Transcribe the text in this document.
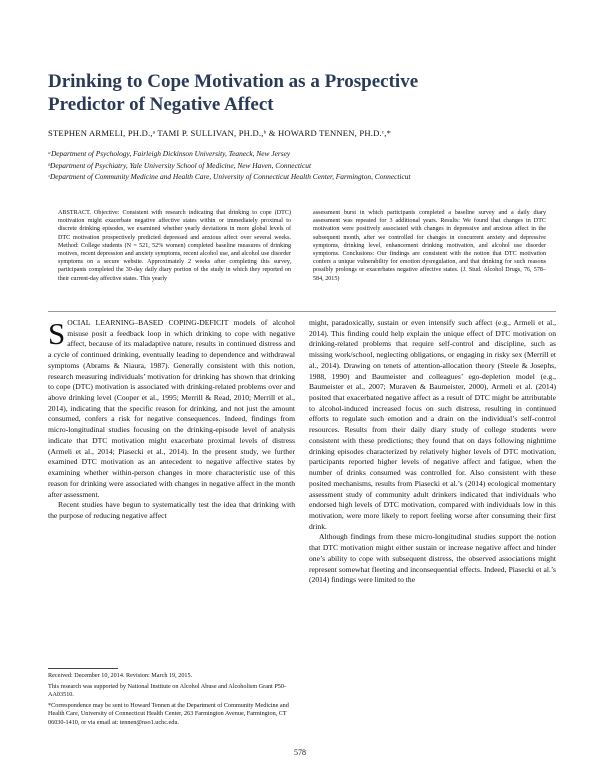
Drinking to Cope Motivation as a Prospective Predictor of Negative Affect
STEPHEN ARMELI, PH.D.,ᵃ TAMI P. SULLIVAN, PH.D.,ᵇ & HOWARD TENNEN, PH.D.ᶜ,*
ᵃDepartment of Psychology, Fairleigh Dickinson University, Teaneck, New Jersey
ᵇDepartment of Psychiatry, Yale University School of Medicine, New Haven, Connecticut
ᶜDepartment of Community Medicine and Health Care, University of Connecticut Health Center, Farmington, Connecticut

ABSTRACT. Objective: Consistent with research indicating that drinking to cope (DTC) motivation might exacerbate negative affective states within or immediately proximal to discrete drinking episodes, we examined whether yearly deviations in more global levels of DTC motivation prospectively predicted depressed and anxious affect over several weeks. Method: College students (N = 521, 52% women) completed baseline measures of drinking motives, recent depression and anxiety symptoms, recent alcohol use, and alcohol use disorder symptoms on a secure website. Approximately 2 weeks after completing this survey, participants completed the 30-day daily diary portion of the study in which they reported on their current-day affective states. This yearly

assessment burst in which participants completed a baseline survey and a daily diary assessment was repeated for 3 additional years. Results: We found that changes in DTC motivation were positively associated with changes in depressive and anxious affect in the subsequent month, after we controlled for changes in concurrent anxiety and depressive symptoms, drinking level, enhancement drinking motivation, and alcohol use disorder symptoms. Conclusions: Our findings are consistent with the notion that DTC motivation confers a unique vulnerability for emotion dysregulation, and that drinking for such reasons possibly prolongs or exacerbates negative affective states. (J. Stud. Alcohol Drugs, 76, 578–584, 2015)

SOCIAL LEARNING–BASED COPING-DEFICIT models of alcohol misuse posit a feedback loop in which drinking to cope with negative affect, because of its maladaptive nature, results in continued distress and a cycle of continued drinking, eventually leading to dependence and withdrawal symptoms (Abrams & Niaura, 1987). Generally consistent with this notion, research measuring individuals’ motivation for drinking has shown that drinking to cope (DTC) motivation is associated with drinking-related problems over and above drinking level (Cooper et al., 1995; Merrill & Read, 2010; Merrill et al., 2014), indicating that the specific reason for drinking, and not just the amount consumed, confers a risk for negative consequences. Indeed, findings from micro-longitudinal studies focusing on the drinking-episode level of analysis indicate that DTC motivation might exacerbate proximal levels of distress (Armeli et al., 2014; Piasecki et al., 2014). In the present study, we further examined DTC motivation as an antecedent to negative affective states by examining whether within-person changes in more characteristic use of this reason for drinking were associated with changes in negative affect in the month after assessment.

Recent studies have begun to systematically test the idea that drinking with the purpose of reducing negative affect

might, paradoxically, sustain or even intensify such affect (e.g., Armeli et al., 2014). This finding could help explain the unique effect of DTC motivation on drinking-related problems that require self-control and discipline, such as missing work/school, neglecting obligations, or engaging in risky sex (Merrill et al., 2014). Drawing on tenets of attention-allocation theory (Steele & Josephs, 1988, 1990) and Baumeister and colleagues’ ego-depletion model (e.g., Baumeister et al., 2007; Muraven & Baumeister, 2000), Armeli et al. (2014) posited that exacerbated negative affect as a result of DTC might be attributable to alcohol-induced increased focus on such distress, resulting in continued efforts to regulate such emotion and a drain on the individual’s self-control resources. Results from their daily diary study of college students were consistent with these predictions; they found that on days following nighttime drinking episodes characterized by relatively higher levels of DTC motivation, participants reported higher levels of negative affect and fatigue, when the number of drinks consumed was controlled for. Also consistent with these posited mechanisms, results from Piasecki et al.’s (2014) ecological momentary assessment study of community adult drinkers indicated that individuals who endorsed high levels of DTC motivation, compared with individuals low in this motivation, were more likely to report feeling worse after consuming their first drink.

Although findings from these micro-longitudinal studies support the notion that DTC motivation might either sustain or increase negative affect and hinder one’s ability to cope with subsequent distress, the observed associations might represent somewhat fleeting and inconsequential effects. Indeed, Piasecki et al.’s (2014) findings were limited to the

Received: December 10, 2014. Revision: March 19, 2015.

This research was supported by National Institute on Alcohol Abuse and Alcoholism Grant P50-AA03510.

*Correspondence may be sent to Howard Tennen at the Department of Community Medicine and Health Care, University of Connecticut Health Center, 263 Farmington Avenue, Farmington, CT 06030-1410, or via email at: tennen@nso1.uchc.edu.

578
